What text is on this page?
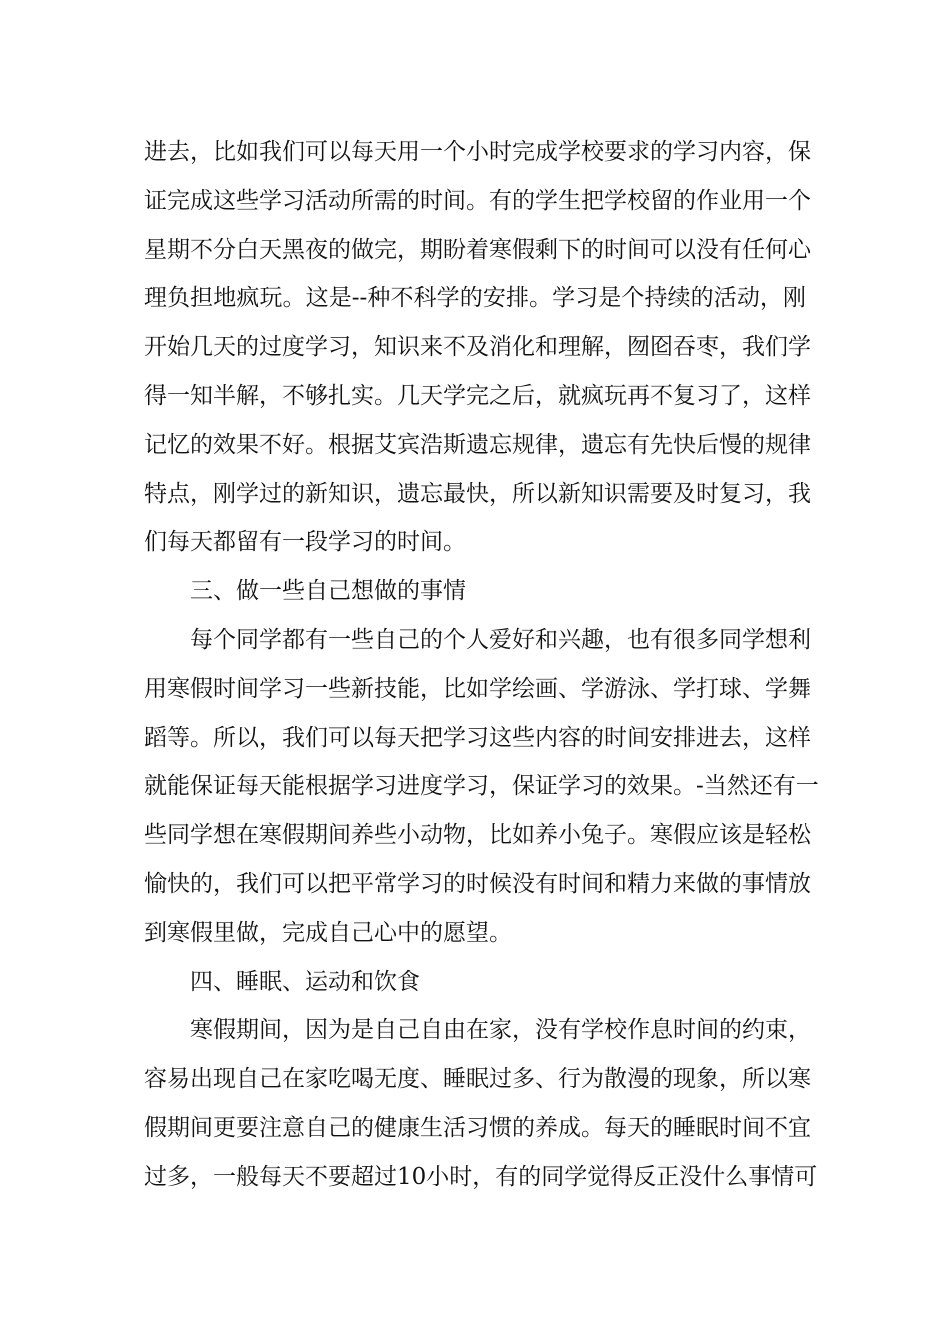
进去，比如我们可以每天用一个小时完成学校要求的学习内容，保
证完成这些学习活动所需的时间。有的学生把学校留的作业用一个
星期不分白天黑夜的做完，期盼着寒假剩下的时间可以没有任何心
理负担地疯玩。这是--种不科学的安排。学习是个持续的活动，刚
开始几天的过度学习，知识来不及消化和理解，囫囵吞枣，我们学
得一知半解，不够扎实。几天学完之后，就疯玩再不复习了，这样
记忆的效果不好。根据艾宾浩斯遗忘规律，遗忘有先快后慢的规律
特点，刚学过的新知识，遗忘最快，所以新知识需要及时复习，我
们每天都留有一段学习的时间。
三、做一些自己想做的事情
每个同学都有一些自己的个人爱好和兴趣，也有很多同学想利
用寒假时间学习一些新技能，比如学绘画、学游泳、学打球、学舞
蹈等。所以，我们可以每天把学习这些内容的时间安排进去，这样
就能保证每天能根据学习进度学习，保证学习的效果。-当然还有一
些同学想在寒假期间养些小动物，比如养小兔子。寒假应该是轻松
愉快的，我们可以把平常学习的时候没有时间和精力来做的事情放
到寒假里做，完成自己心中的愿望。
四、睡眠、运动和饮食
寒假期间，因为是自己自由在家，没有学校作息时间的约束，
容易出现自己在家吃喝无度、睡眠过多、行为散漫的现象，所以寒
假期间更要注意自己的健康生活习惯的养成。每天的睡眠时间不宜
过多，一般每天不要超过10小时，有的同学觉得反正没什么事情可
